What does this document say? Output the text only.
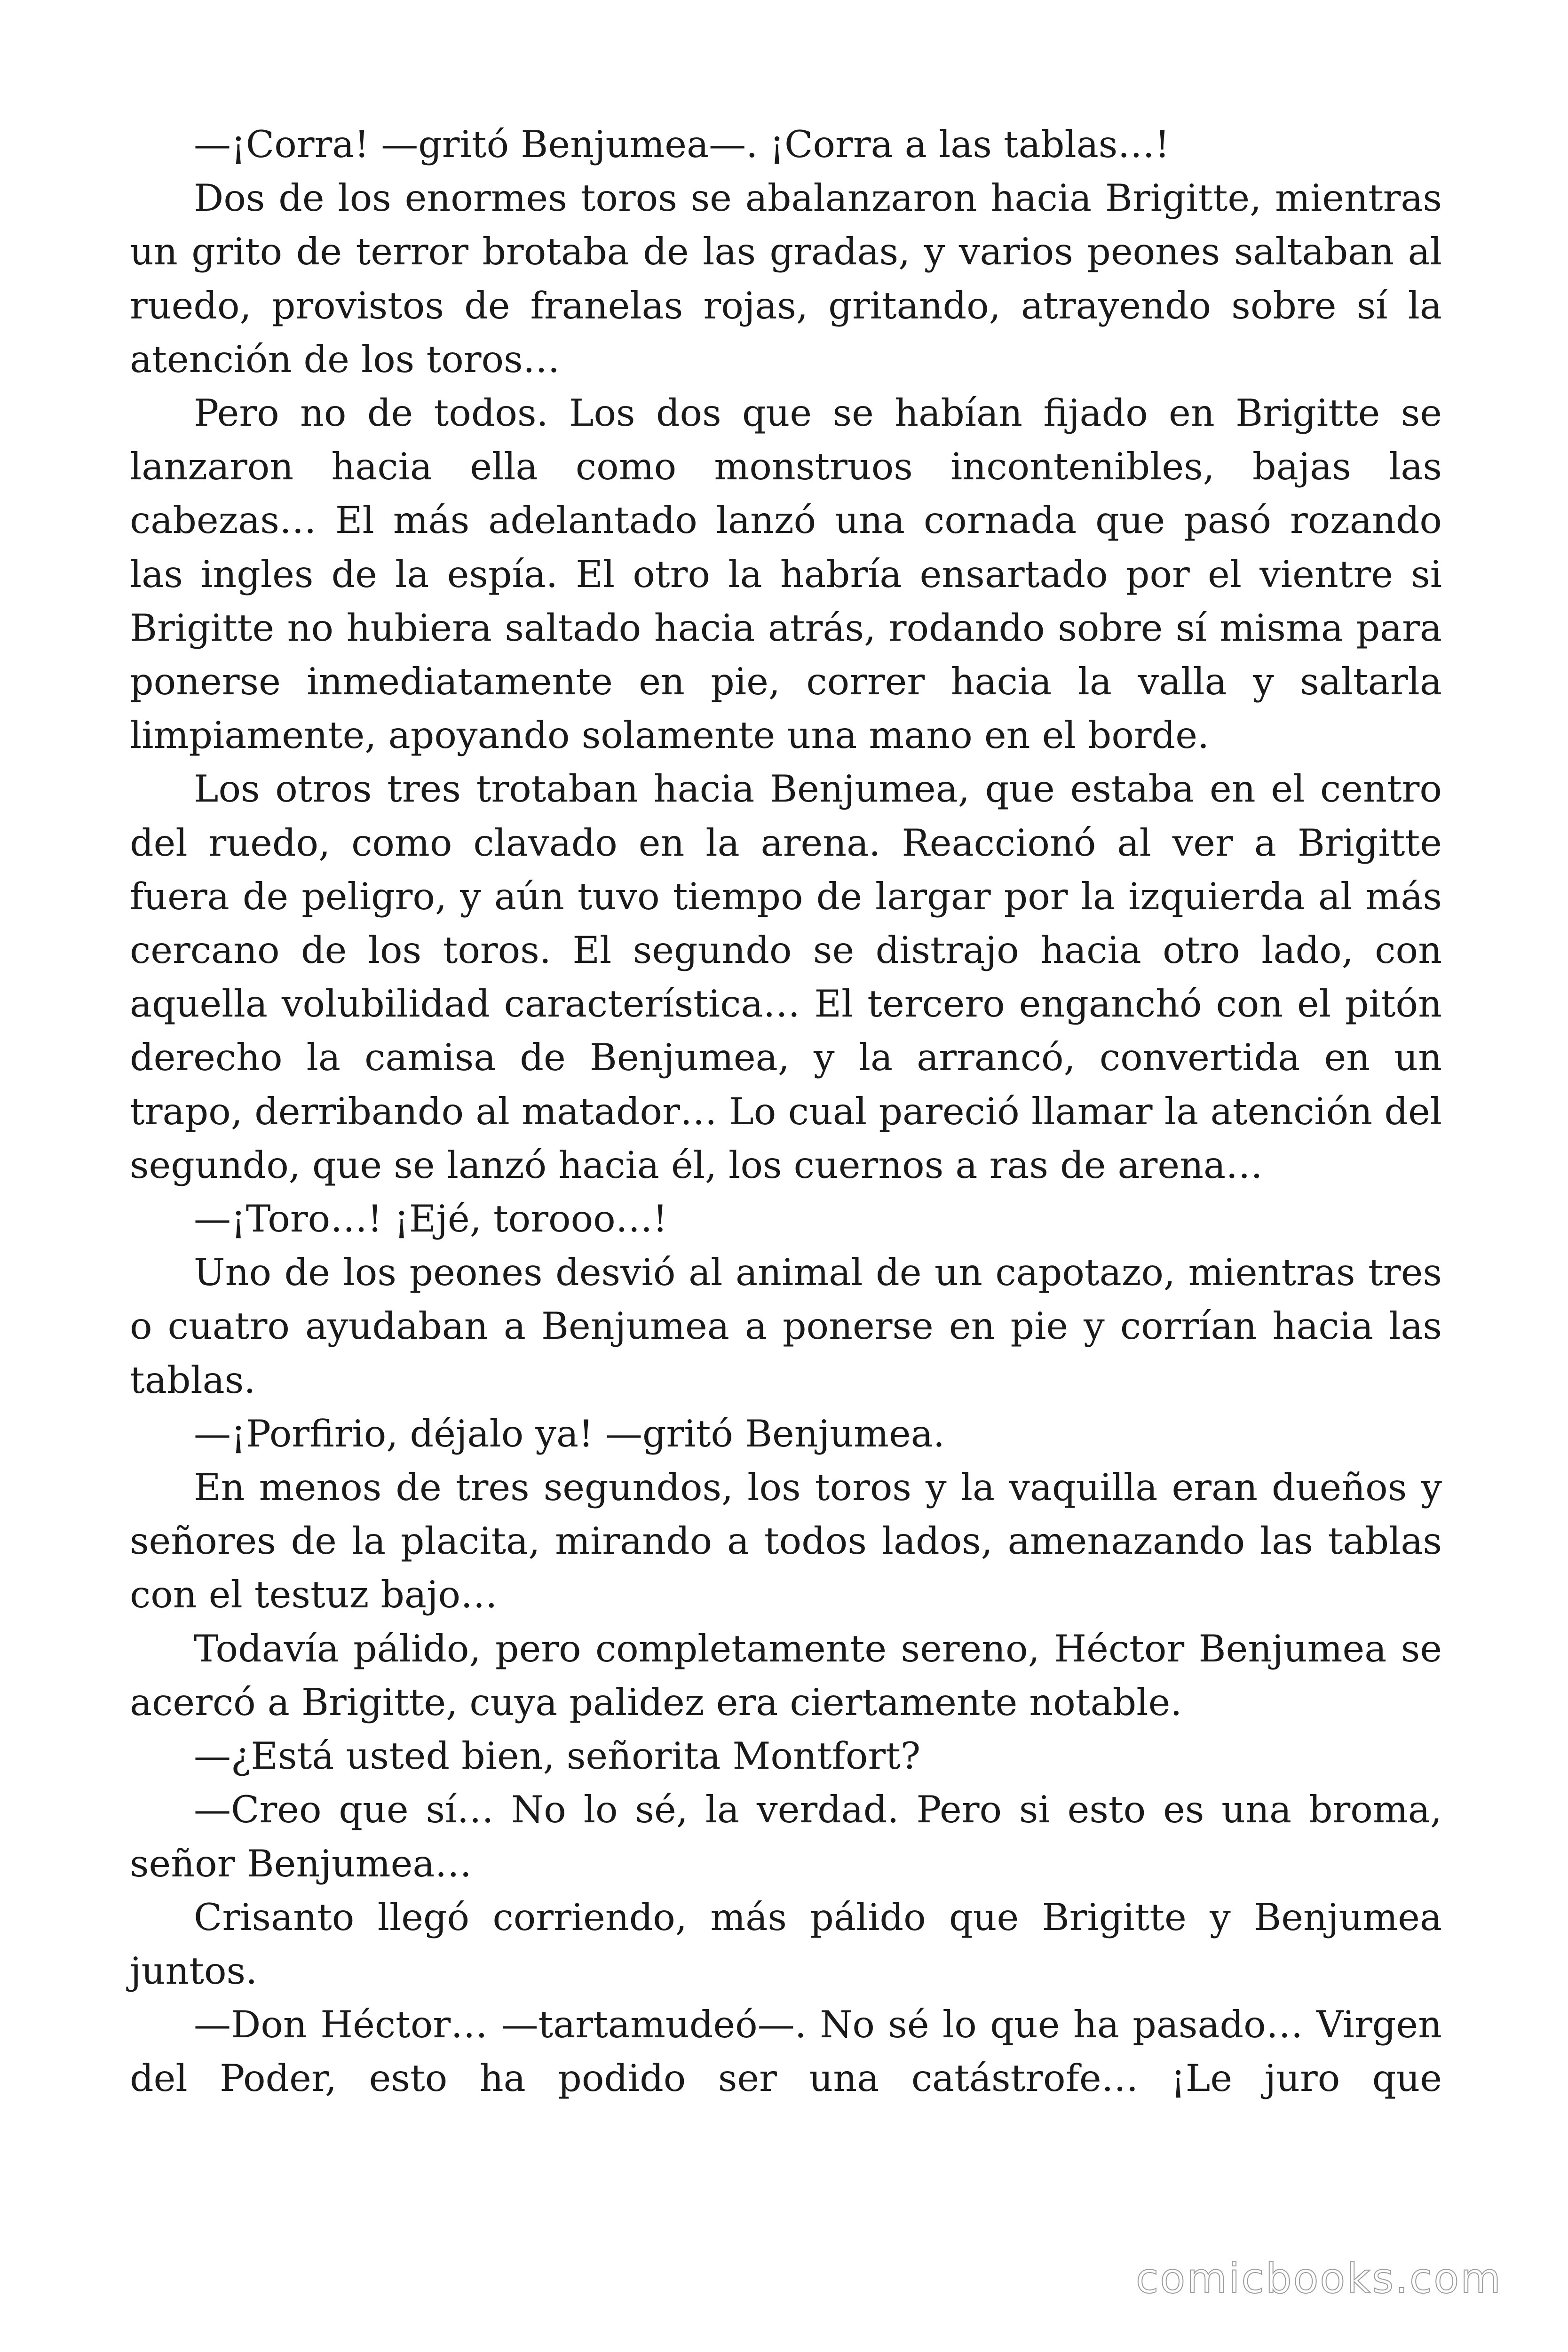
—¡Corra! —gritó Benjumea—. ¡Corra a las tablas…!

Dos de los enormes toros se abalanzaron hacia Brigitte, mientras un grito de terror brotaba de las gradas, y varios peones saltaban al ruedo, provistos de franelas rojas, gritando, atrayendo sobre sí la atención de los toros…

Pero no de todos. Los dos que se habían fijado en Brigitte se lanzaron hacia ella como monstruos incontenibles, bajas las cabezas… El más adelantado lanzó una cornada que pasó rozando las ingles de la espía. El otro la habría ensartado por el vientre si Brigitte no hubiera saltado hacia atrás, rodando sobre sí misma para ponerse inmediatamente en pie, correr hacia la valla y saltarla limpiamente, apoyando solamente una mano en el borde.

Los otros tres trotaban hacia Benjumea, que estaba en el centro del ruedo, como clavado en la arena. Reaccionó al ver a Brigitte fuera de peligro, y aún tuvo tiempo de largar por la izquierda al más cercano de los toros. El segundo se distrajo hacia otro lado, con aquella volubilidad característica… El tercero enganchó con el pitón derecho la camisa de Benjumea, y la arrancó, convertida en un trapo, derribando al matador… Lo cual pareció llamar la atención del segundo, que se lanzó hacia él, los cuernos a ras de arena…

—¡Toro…! ¡Ejé, torooo…!

Uno de los peones desvió al animal de un capotazo, mientras tres o cuatro ayudaban a Benjumea a ponerse en pie y corrían hacia las tablas.

—¡Porfirio, déjalo ya! —gritó Benjumea.

En menos de tres segundos, los toros y la vaquilla eran dueños y señores de la placita, mirando a todos lados, amenazando las tablas con el testuz bajo…

Todavía pálido, pero completamente sereno, Héctor Benjumea se acercó a Brigitte, cuya palidez era ciertamente notable.

—¿Está usted bien, señorita Montfort?

—Creo que sí… No lo sé, la verdad. Pero si esto es una broma, señor Benjumea…

Crisanto llegó corriendo, más pálido que Brigitte y Benjumea juntos.

—Don Héctor… —tartamudeó—. No sé lo que ha pasado… Virgen del Poder, esto ha podido ser una catástrofe… ¡Le juro que

comicbooks.com
